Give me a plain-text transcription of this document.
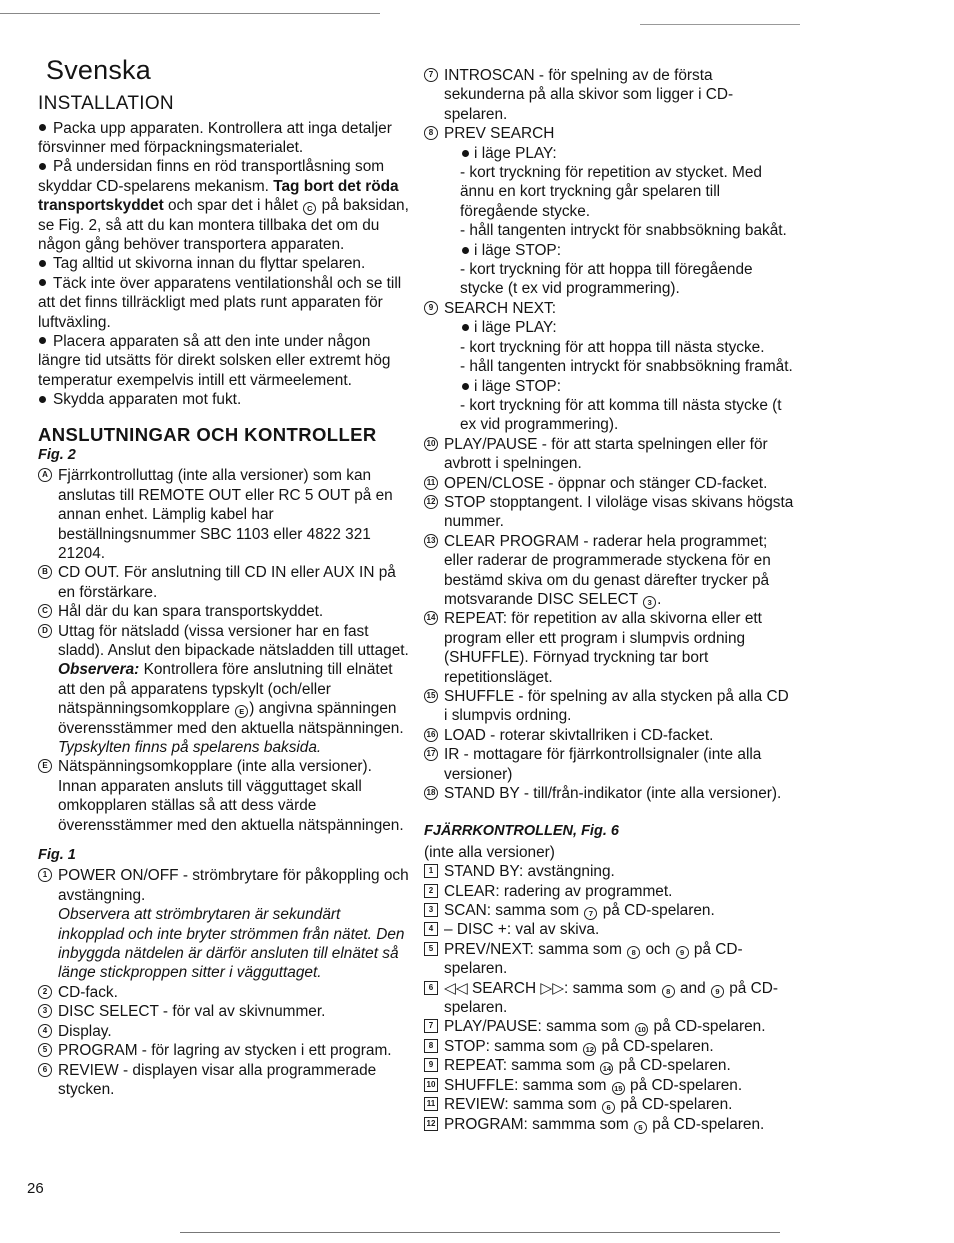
Svenska
INSTALLATION

Packa upp apparaten. Kontrollera att inga detaljer försvinner med förpackningsmaterialet.

På undersidan finns en röd transportlåsning som skyddar CD-spelarens mekanism. Tag bort det röda transportskyddet och spar det i hålet C på baksidan, se Fig. 2, så att du kan montera tillbaka det om du någon gång behöver transportera apparaten.

Tag alltid ut skivorna innan du flyttar spelaren.

Täck inte över apparatens ventilationshål och se till att det finns tillräckligt med plats runt apparaten för luftväxling.

Placera apparaten så att den inte under någon längre tid utsätts för direkt solsken eller extremt hög temperatur exempelvis intill ett värmeelement.

Skydda apparaten mot fukt.

ANSLUTNINGAR OCH KONTROLLER
Fig. 2
A Fjärrkontrolluttag (inte alla versioner) som kan anslutas till REMOTE OUT eller RC 5 OUT på en annan enhet. Lämplig kabel har beställningsnummer SBC 1103 eller 4822 321 21204.
B CD OUT. För anslutning till CD IN eller AUX IN på en förstärkare.
C Hål där du kan spara transportskyddet.
D Uttag för nätsladd (vissa versioner har en fast sladd). Anslut den bipackade nätsladden till uttaget.

Observera: Kontrollera före anslutning till elnätet att den på apparatens typskylt (och/eller nätspänningsomkopplare E ) angivna spänningen överensstämmer med den aktuella nätspänningen.

Typskylten finns på spelarens baksida.

E Nätspänningsomkopplare (inte alla versioner). Innan apparaten ansluts till vägguttaget skall omkopplaren ställas så att dess värde överensstämmer med den aktuella nätspänningen.
Fig. 1
1 POWER ON/OFF - strömbrytare för påkoppling och avstängning.

Observera att strömbrytaren är sekundärt inkopplad och inte bryter strömmen från nätet. Den inbyggda nätdelen är därför ansluten till elnätet så länge stickproppen sitter i vägguttaget.

2 CD-fack.
3 DISC SELECT - för val av skivnummer.
4 Display.
5 PROGRAM - för lagring av stycken i ett program.
6 REVIEW - displayen visar alla programmerade stycken.
7 INTROSCAN - för spelning av de första sekunderna på alla skivor som ligger i CD-spelaren.
8 PREV SEARCH

i läge PLAY:

- kort tryckning för repetition av stycket. Med ännu en kort tryckning går spelaren till föregående stycke.

- håll tangenten intryckt för snabbsökning bakåt.

i läge STOP:

- kort tryckning för att hoppa till föregående stycke (t ex vid programmering).

9 SEARCH NEXT:

i läge PLAY:

- kort tryckning för att hoppa till nästa stycke.

- håll tangenten intryckt för snabbsökning framåt.

i läge STOP:

- kort tryckning för att komma till nästa stycke (t ex vid programmering).

10 PLAY/PAUSE - för att starta spelningen eller för avbrott i spelningen.
11 OPEN/CLOSE - öppnar och stänger CD-facket.
12 STOP stopptangent. I viloläge visas skivans högsta nummer.
13 CLEAR PROGRAM - raderar hela programmet; eller raderar de programmerade styckena för en bestämd skiva om du genast därefter trycker på motsvarande DISC SELECT 3 .
14 REPEAT: för repetition av alla skivorna eller ett program eller ett program i slumpvis ordning (SHUFFLE). Förnyad tryckning tar bort repetitionsläget.
15 SHUFFLE - för spelning av alla stycken på alla CD i slumpvis ordning.
16 LOAD - roterar skivtallriken i CD-facket.
17 IR - mottagare för fjärrkontrollsignaler (inte alla versioner)
18 STAND BY - till/från-indikator (inte alla versioner).
FJÄRRKONTROLLEN, Fig. 6

(inte alla versioner)

1 STAND BY: avstängning.
2 CLEAR: radering av programmet.
3 SCAN: samma som 7 på CD-spelaren.
4 – DISC +: val av skiva.
5 PREV/NEXT: samma som 8 och 9 på CD-spelaren.
6 ◁◁ SEARCH ▷▷: samma som 8 and 9 på CD-spelaren.
7 PLAY/PAUSE: samma som 10 på CD-spelaren.
8 STOP: samma som 12 på CD-spelaren.
9 REPEAT: samma som 14 på CD-spelaren.
10 SHUFFLE: samma som 15 på CD-spelaren.
11 REVIEW: samma som 6 på CD-spelaren.
12 PROGRAM: sammma som 5 på CD-spelaren.
26
